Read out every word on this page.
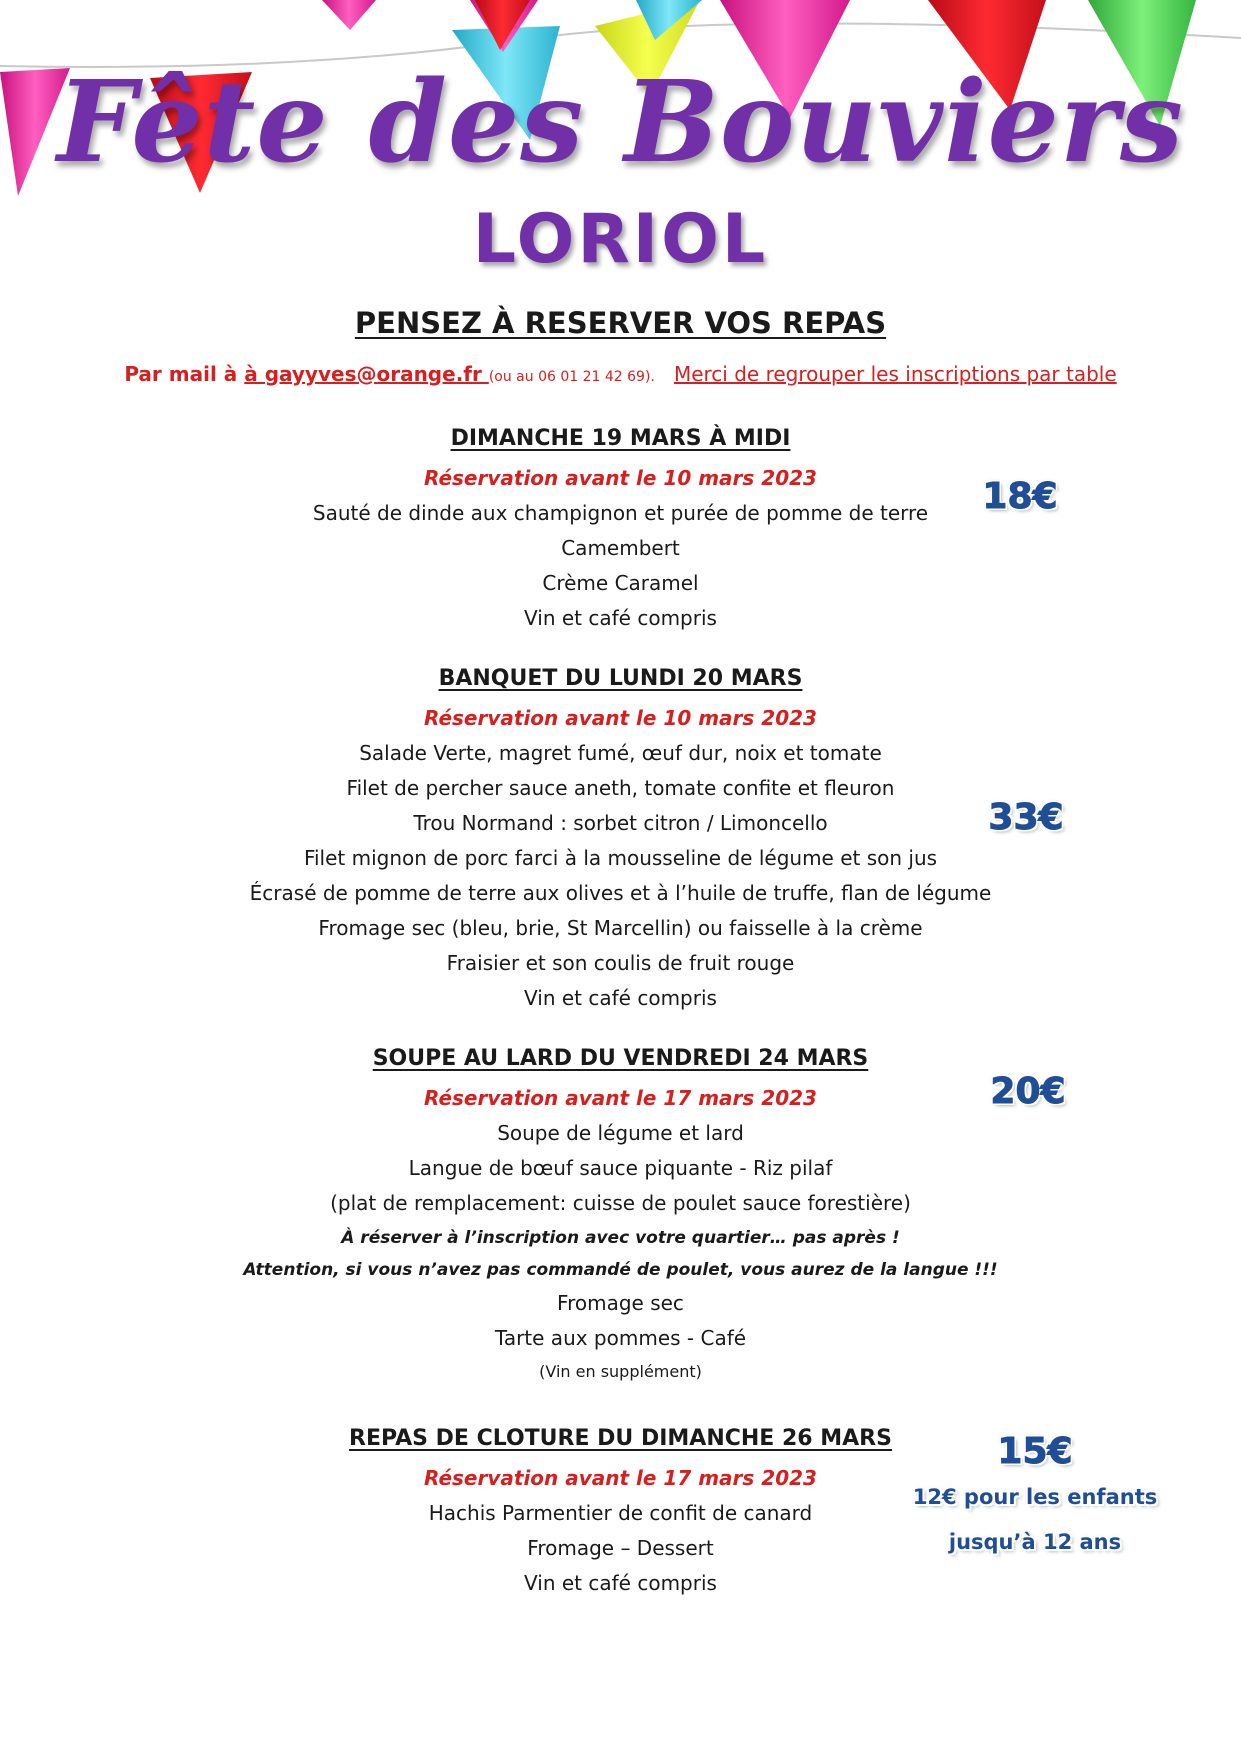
Fête des Bouviers
LORIOL
PENSEZ À RESERVER VOS REPAS
Par mail à à gayyves@orange.fr (ou au 06 01 21 42 69). Merci de regrouper les inscriptions par table
DIMANCHE 19 MARS À MIDI
Réservation avant le 10 mars 2023
Sauté de dinde aux champignon et purée de pomme de terre
Camembert
Crème Caramel
Vin et café compris
18€
BANQUET DU LUNDI 20 MARS
Réservation avant le 10 mars 2023
Salade Verte, magret fumé, œuf dur, noix et tomate
Filet de percher sauce aneth, tomate confite et fleuron
Trou Normand : sorbet citron / Limoncello
Filet mignon de porc farci à la mousseline de légume et son jus
Écrasé de pomme de terre aux olives et à l’huile de truffe, flan de légume
Fromage sec (bleu, brie, St Marcellin) ou faisselle à la crème
Fraisier et son coulis de fruit rouge
Vin et café compris
33€
SOUPE AU LARD DU VENDREDI 24 MARS
Réservation avant le 17 mars 2023
Soupe de légume et lard
Langue de bœuf sauce piquante - Riz pilaf
(plat de remplacement: cuisse de poulet sauce forestière)
À réserver à l’inscription avec votre quartier… pas après !
Attention, si vous n’avez pas commandé de poulet, vous aurez de la langue !!!
Fromage sec
Tarte aux pommes - Café
(Vin en supplément)
20€
REPAS DE CLOTURE DU DIMANCHE 26 MARS
Réservation avant le 17 mars 2023
Hachis Parmentier de confit de canard
Fromage – Dessert
Vin et café compris
15€
12€ pour les enfants
jusqu’à 12 ans
